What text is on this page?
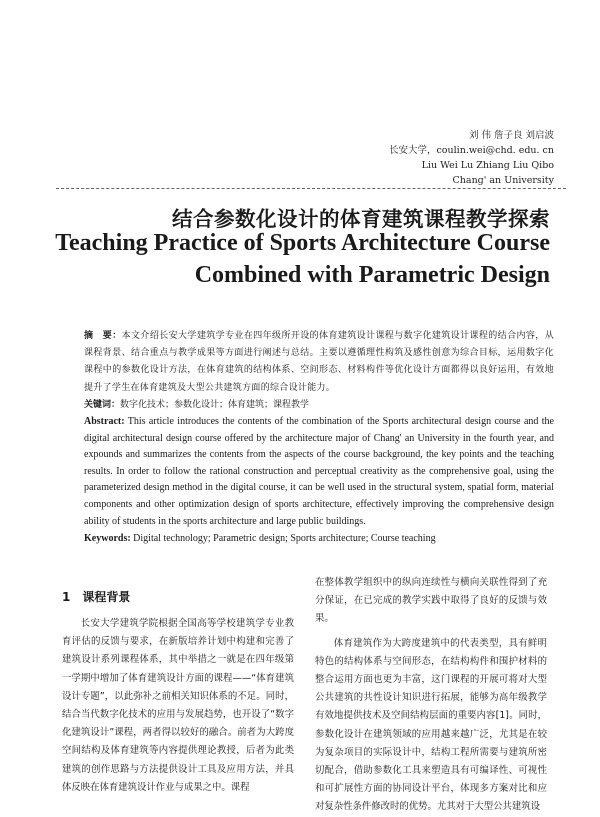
刘 伟 詹子良 刘启波
长安大学，coulin.wei@chd. edu. cn
Liu Wei Lu Zhiang Liu Qibo
Chang' an University
结合参数化设计的体育建筑课程教学探索
Teaching Practice of Sports Architecture Course
Combined with Parametric Design

摘　要：本文介绍长安大学建筑学专业在四年级所开设的体育建筑设计课程与数字化建筑设计课程的结合内容，从课程背景、结合重点与教学成果等方面进行阐述与总结。主要以遵循理性构筑及感性创意为综合目标，运用数字化课程中的参数化设计方法，在体育建筑的结构体系、空间形态、材料构件等优化设计方面都得以良好运用，有效地提升了学生在体育建筑及大型公共建筑方面的综合设计能力。

关键词：数字化技术；参数化设计；体育建筑；课程教学

Abstract: This article introduces the contents of the combination of the Sports architectural design course and the digital architectural design course offered by the architecture major of Chang' an University in the fourth year, and expounds and summarizes the contents from the aspects of the course background, the key points and the teaching results. In order to follow the rational construction and perceptual creativity as the comprehensive goal, using the parameterized design method in the digital course, it can be well used in the structural system, spatial form, material components and other optimization design of sports architecture, effectively improving the comprehensive design ability of students in the sports architecture and large public buildings.

Keywords: Digital technology; Parametric design; Sports architecture; Course teaching

1 课程背景
长安大学建筑学院根据全国高等学校建筑学专业教育评估的反馈与要求，在新版培养计划中构建和完善了建筑设计系列课程体系，其中举措之一就是在四年级第一学期中增加了体育建筑设计方面的课程——“体育建筑设计专题”，以此弥补之前相关知识体系的不足。同时，结合当代数字化技术的应用与发展趋势，也开设了“数字化建筑设计”课程，两者得以较好的融合。前者为大跨度空间结构及体育建筑等内容提供理论教授，后者为此类建筑的创作思路与方法提供设计工具及应用方法，并具体反映在体育建筑设计作业与成果之中。课程

在整体教学组织中的纵向连续性与横向关联性得到了充分保证，在已完成的教学实践中取得了良好的反馈与效果。

体育建筑作为大跨度建筑中的代表类型，具有鲜明特色的结构体系与空间形态，在结构构件和围护材料的整合运用方面也更为丰富，这门课程的开展可将对大型公共建筑的共性设计知识进行拓展，能够为高年级教学有效地提供技术及空间结构层面的重要内容[1]。同时，参数化设计在建筑领域的应用越来越广泛，尤其是在较为复杂项目的实际设计中，结构工程所需要与建筑所密切配合，借助参数化工具来塑造具有可编译性、可视性和可扩展性方面的协同设计平台，体现多方案对比和应对复杂性条件修改时的优势。尤其对于大型公共建筑设
